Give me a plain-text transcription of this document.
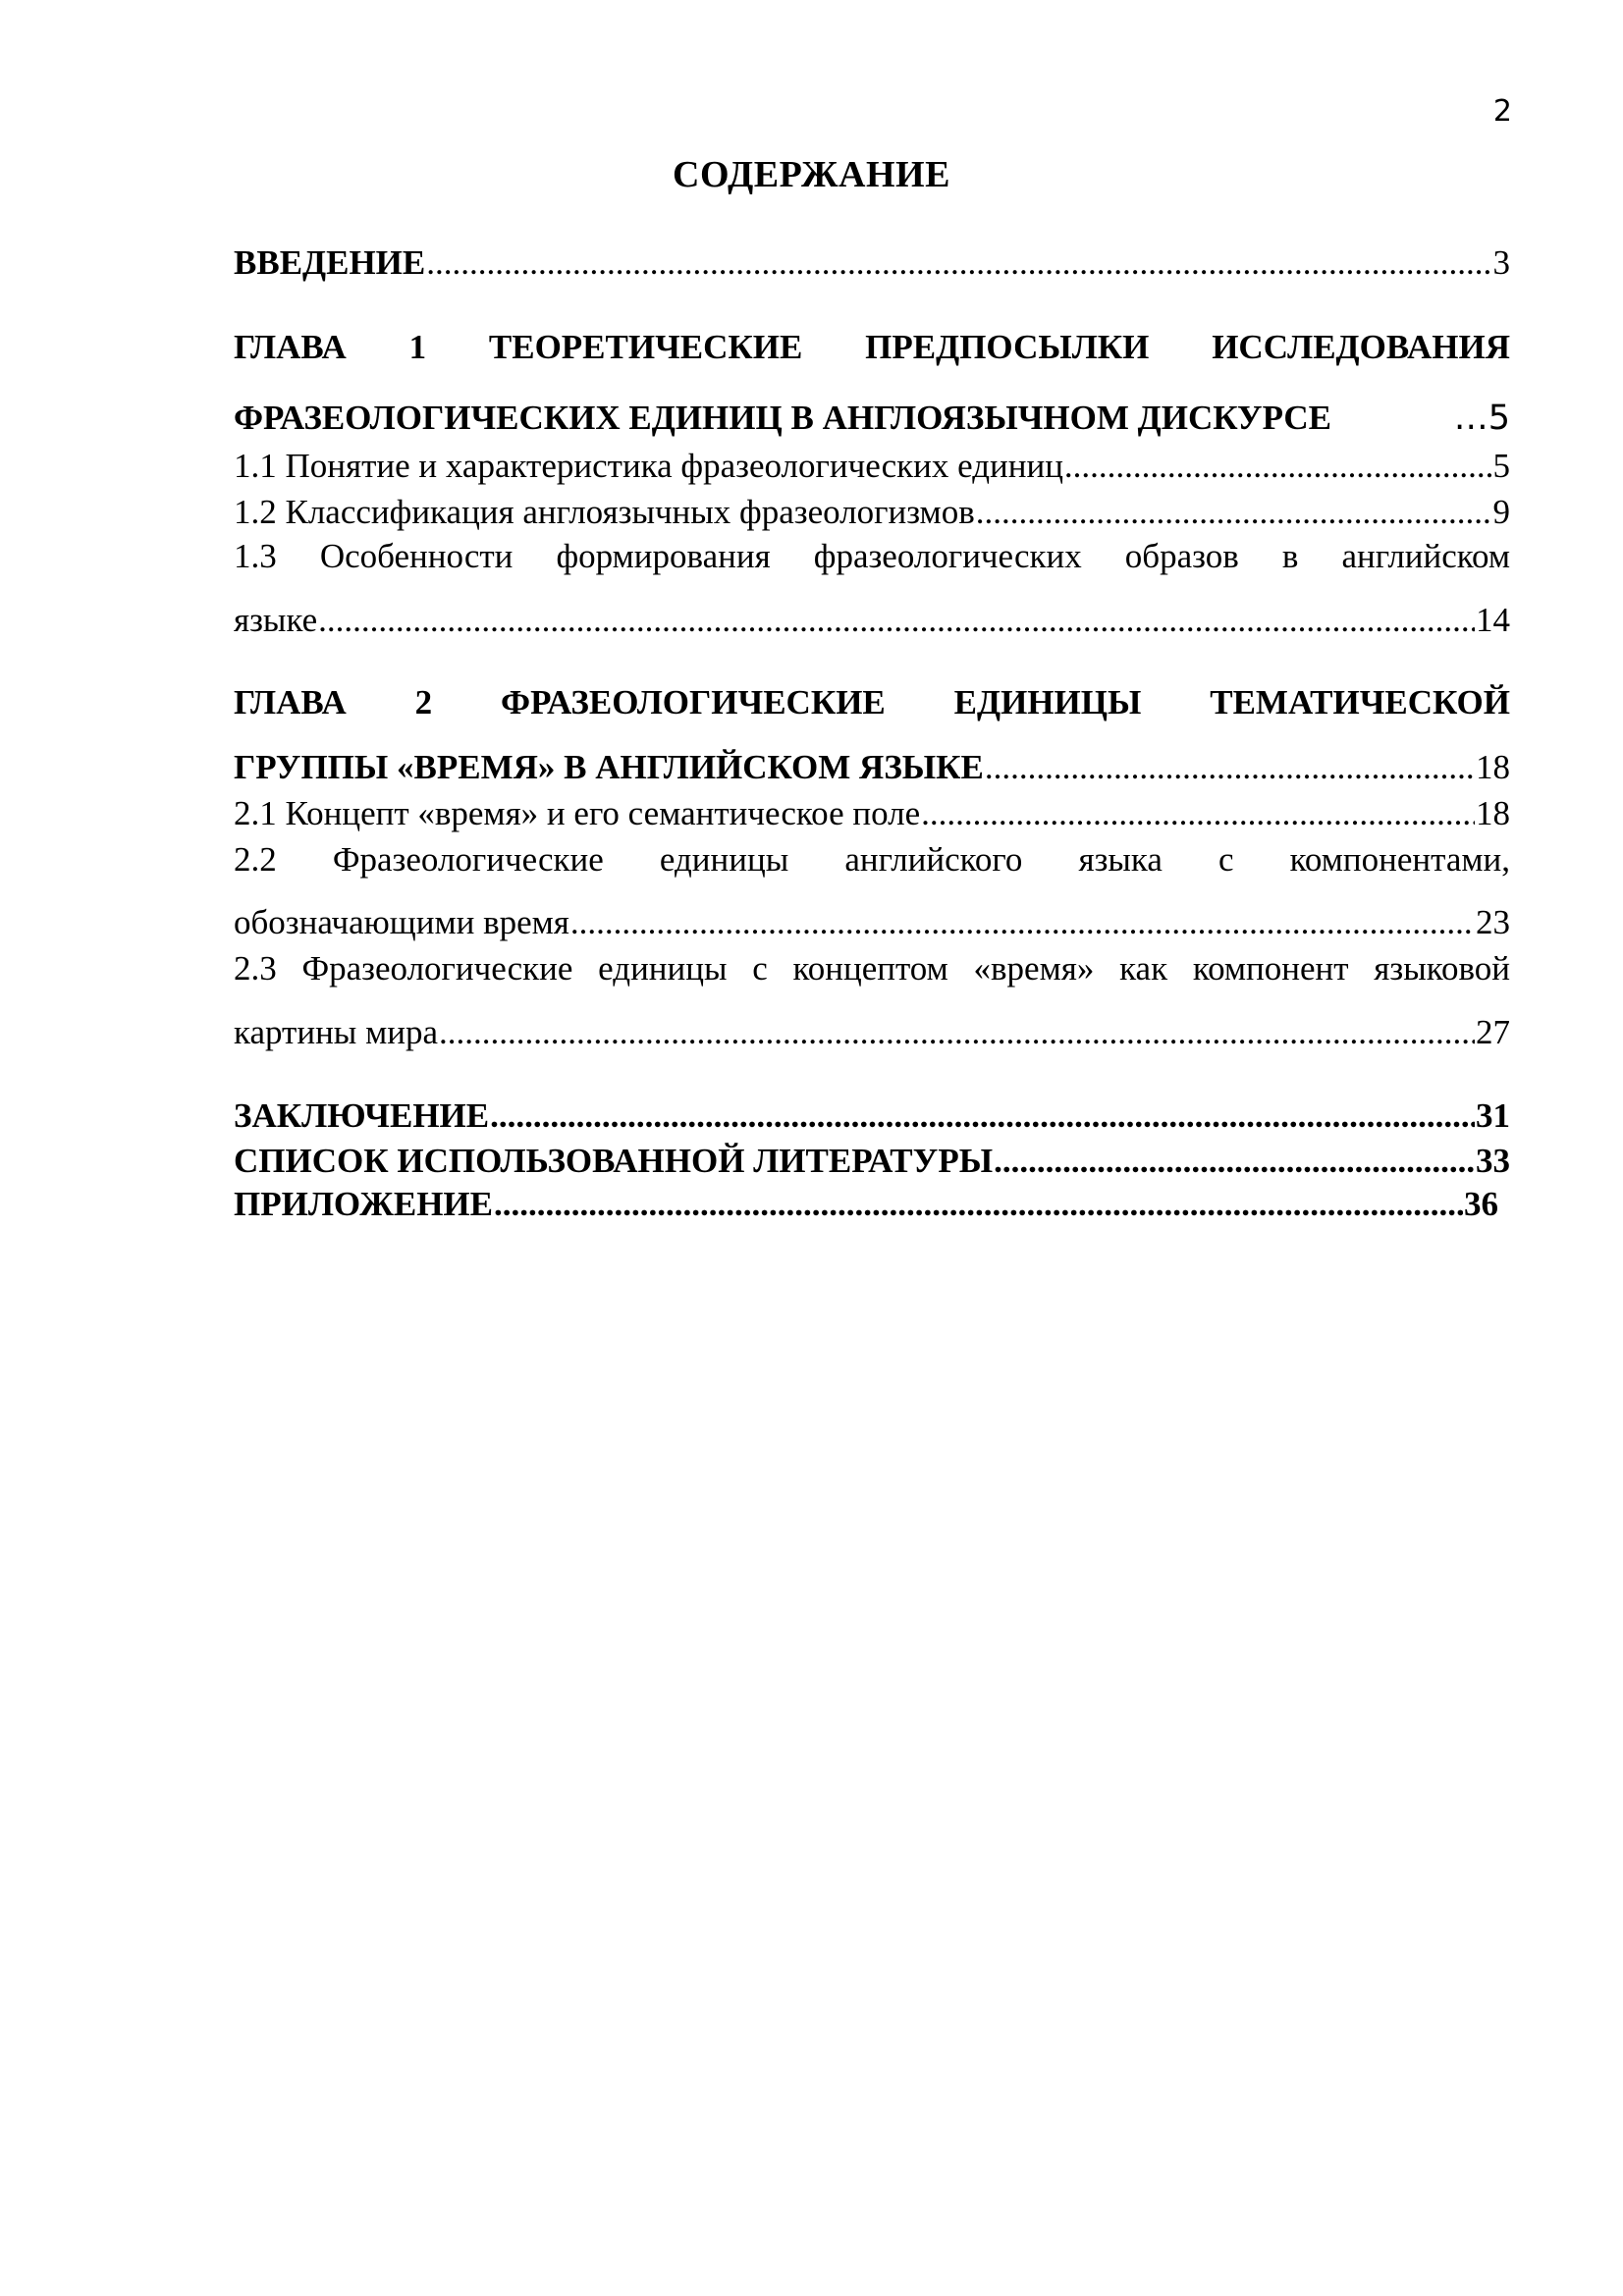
2
СОДЕРЖАНИЕ
ВВЕДЕНИЕ .....	3
ГЛАВА 1 ТЕОРЕТИЧЕСКИЕ ПРЕДПОСЫЛКИ ИССЛЕДОВАНИЯ
ФРАЗЕОЛОГИЧЕСКИХ ЕДИНИЦ В АНГЛОЯЗЫЧНОМ ДИСКУРСЕ	…5
1.1 Понятие и характеристика фразеологических единиц .....	5
1.2 Классификация англоязычных фразеологизмов .....	9
1.3 Особенности формирования фразеологических образов в английском
языке .....	14
ГЛАВА 2 ФРАЗЕОЛОГИЧЕСКИЕ ЕДИНИЦЫ ТЕМАТИЧЕСКОЙ
ГРУППЫ «ВРЕМЯ» В АНГЛИЙСКОМ ЯЗЫКЕ .....	18
2.1 Концепт «время» и его семантическое поле .....	18
2.2 Фразеологические единицы английского языка с компонентами,
обозначающими время .....	23
2.3 Фразеологические единицы с концептом «время» как компонент языковой
картины мира .....	27
ЗАКЛЮЧЕНИЕ .....	31
СПИСОК ИСПОЛЬЗОВАННОЙ ЛИТЕРАТУРЫ .....	33
ПРИЛОЖЕНИЕ .....	36
